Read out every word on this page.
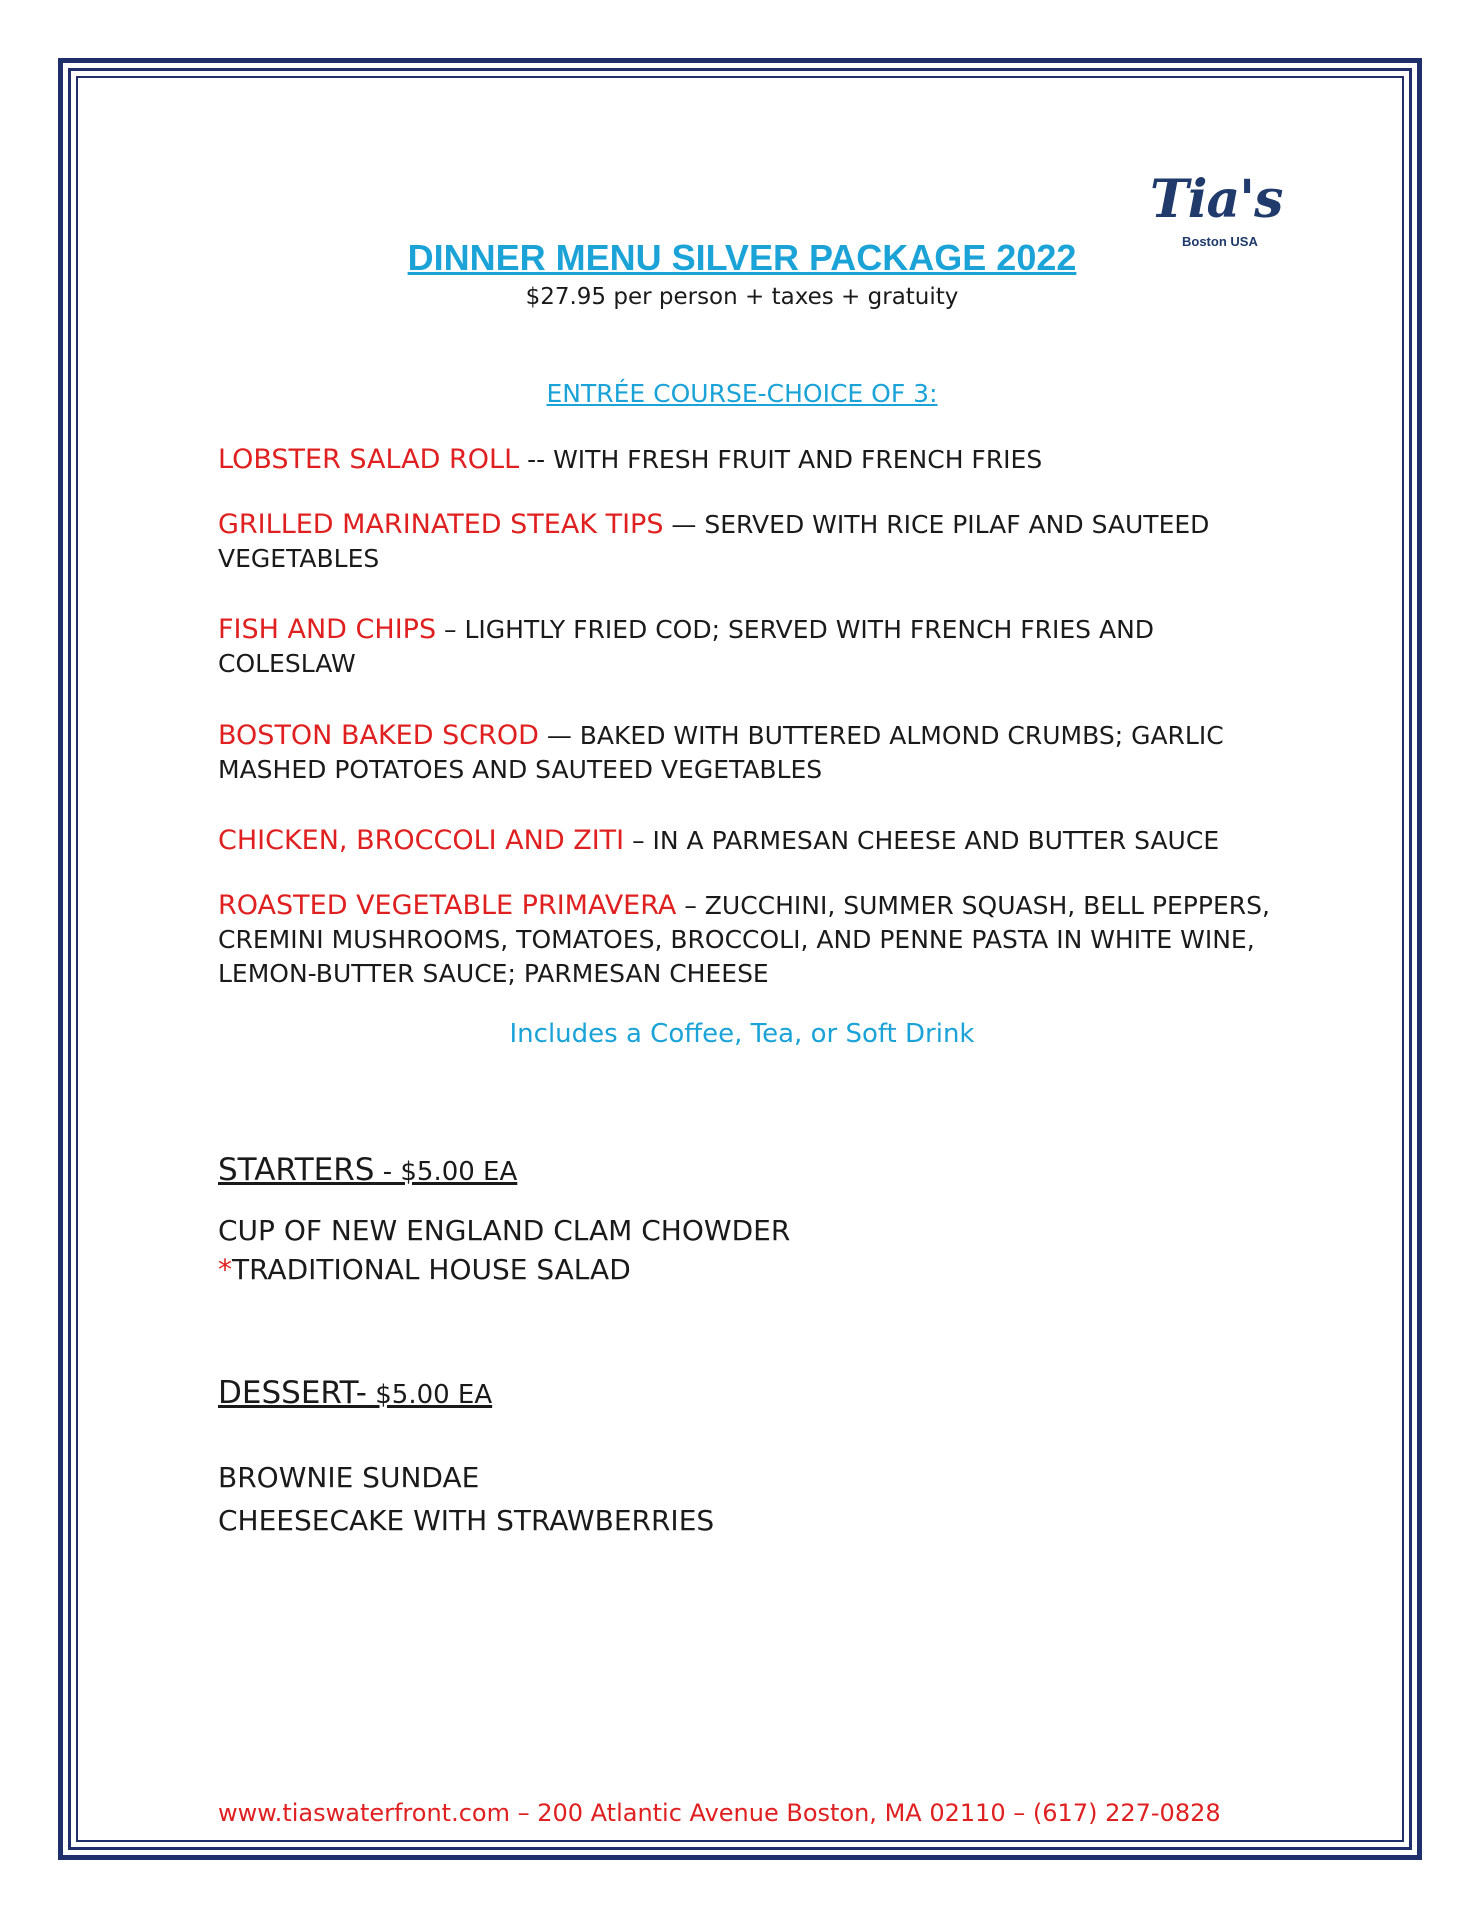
Tia's
Boston USA
DINNER MENU SILVER PACKAGE 2022
$27.95 per person + taxes + gratuity
ENTRÉE COURSE-CHOICE OF 3:
LOBSTER SALAD ROLL -- WITH FRESH FRUIT AND FRENCH FRIES
GRILLED MARINATED STEAK TIPS — SERVED WITH RICE PILAF AND SAUTEED VEGETABLES
FISH AND CHIPS – LIGHTLY FRIED COD; SERVED WITH FRENCH FRIES AND COLESLAW
BOSTON BAKED SCROD — BAKED WITH BUTTERED ALMOND CRUMBS; GARLIC MASHED POTATOES AND SAUTEED VEGETABLES
CHICKEN, BROCCOLI AND ZITI – IN A PARMESAN CHEESE AND BUTTER SAUCE
ROASTED VEGETABLE PRIMAVERA – ZUCCHINI, SUMMER SQUASH, BELL PEPPERS, CREMINI MUSHROOMS, TOMATOES, BROCCOLI, AND PENNE PASTA IN WHITE WINE, LEMON-BUTTER SAUCE; PARMESAN CHEESE
Includes a Coffee, Tea, or Soft Drink
STARTERS - $5.00 EA
CUP OF NEW ENGLAND CLAM CHOWDER
*TRADITIONAL HOUSE SALAD
DESSERT- $5.00 EA
BROWNIE SUNDAE
CHEESECAKE WITH STRAWBERRIES
www.tiaswaterfront.com – 200 Atlantic Avenue Boston, MA 02110 – (617) 227-0828
